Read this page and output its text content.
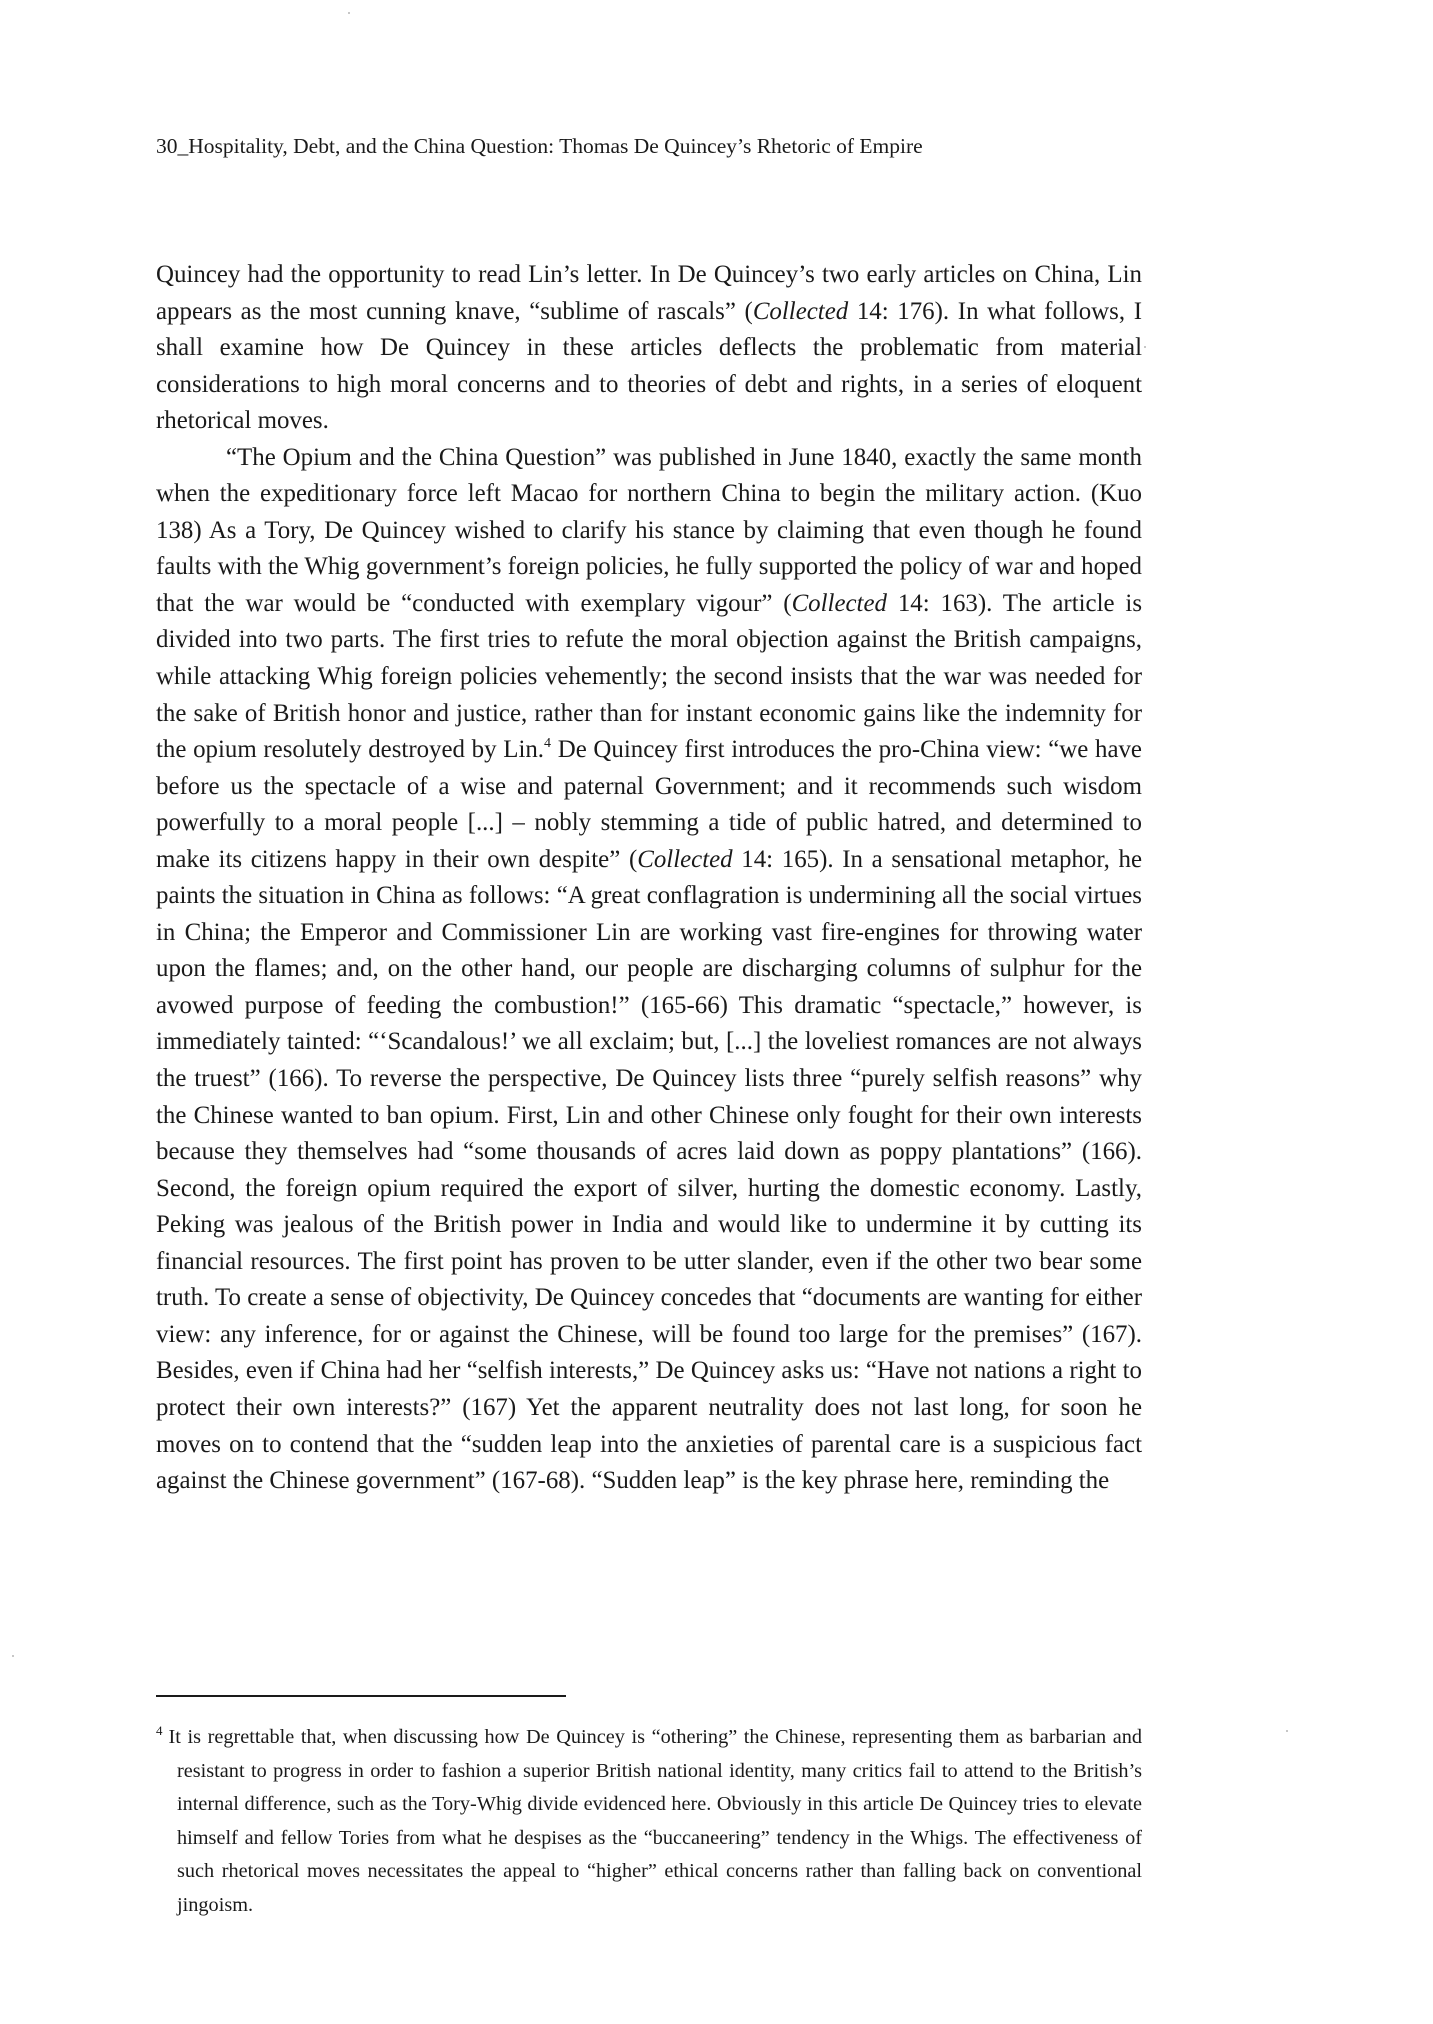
30_Hospitality, Debt, and the China Question: Thomas De Quincey’s Rhetoric of Empire

Quincey had the opportunity to read Lin’s letter. In De Quincey’s two early articles on China, Lin appears as the most cunning knave, “sublime of rascals” (Collected 14: 176). In what follows, I shall examine how De Quincey in these articles deflects the problematic from material considerations to high moral concerns and to theories of debt and rights, in a series of eloquent rhetorical moves.

“The Opium and the China Question” was published in June 1840, exactly the same month when the expeditionary force left Macao for northern China to begin the military action. (Kuo 138) As a Tory, De Quincey wished to clarify his stance by claiming that even though he found faults with the Whig government’s foreign policies, he fully supported the policy of war and hoped that the war would be “conducted with exemplary vigour” (Collected 14: 163). The article is divided into two parts. The first tries to refute the moral objection against the British campaigns, while attacking Whig foreign policies vehemently; the second insists that the war was needed for the sake of British honor and justice, rather than for instant economic gains like the indemnity for the opium resolutely destroyed by Lin.$^4$ De Quincey first introduces the pro-China view: “we have before us the spectacle of a wise and paternal Government; and it recommends such wisdom powerfully to a moral people [...] – nobly stemming a tide of public hatred, and determined to make its citizens happy in their own despite” (Collected 14: 165). In a sensational metaphor, he paints the situation in China as follows: “A great conflagration is undermining all the social virtues in China; the Emperor and Commissioner Lin are working vast fire-engines for throwing water upon the flames; and, on the other hand, our people are discharging columns of sulphur for the avowed purpose of feeding the combustion!” (165-66) This dramatic “spectacle,” however, is immediately tainted: “‘Scandalous!’ we all exclaim; but, [...] the loveliest romances are not always the truest” (166). To reverse the perspective, De Quincey lists three “purely selfish reasons” why the Chinese wanted to ban opium. First, Lin and other Chinese only fought for their own interests because they themselves had “some thousands of acres laid down as poppy plantations” (166). Second, the foreign opium required the export of silver, hurting the domestic economy. Lastly, Peking was jealous of the British power in India and would like to undermine it by cutting its financial resources. The first point has proven to be utter slander, even if the other two bear some truth. To create a sense of objectivity, De Quincey concedes that “documents are wanting for either view: any inference, for or against the Chinese, will be found too large for the premises” (167). Besides, even if China had her “selfish interests,” De Quincey asks us: “Have not nations a right to protect their own interests?” (167) Yet the apparent neutrality does not last long, for soon he moves on to contend that the “sudden leap into the anxieties of parental care is a suspicious fact against the Chinese government” (167-68). “Sudden leap” is the key phrase here, reminding the

$^4$ It is regrettable that, when discussing how De Quincey is “othering” the Chinese, representing them as barbarian and resistant to progress in order to fashion a superior British national identity, many critics fail to attend to the British’s internal difference, such as the Tory-Whig divide evidenced here. Obviously in this article De Quincey tries to elevate himself and fellow Tories from what he despises as the “buccaneering” tendency in the Whigs. The effectiveness of such rhetorical moves necessitates the appeal to “higher” ethical concerns rather than falling back on conventional jingoism.
